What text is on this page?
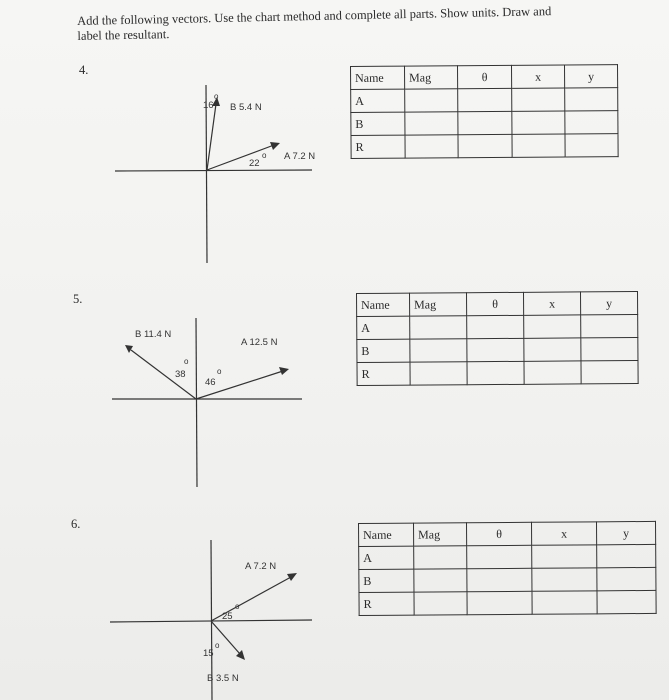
Add the following vectors. Use the chart method and complete all parts. Show units. Draw and
label the resultant.
4.
16
o
B 5.4 N
22
o A 7.2 N
Name	Mag	θ	x	y
A				
B				
R				
5.
B 11.4 N
o
38
A 12.5 N
o
46
Name	Mag	θ	x	y
A				
B				
R				
6.
A 7.2 N
25
o
15
o
B 3.5 N
Name	Mag	θ	x	y
A				
B				
R				
